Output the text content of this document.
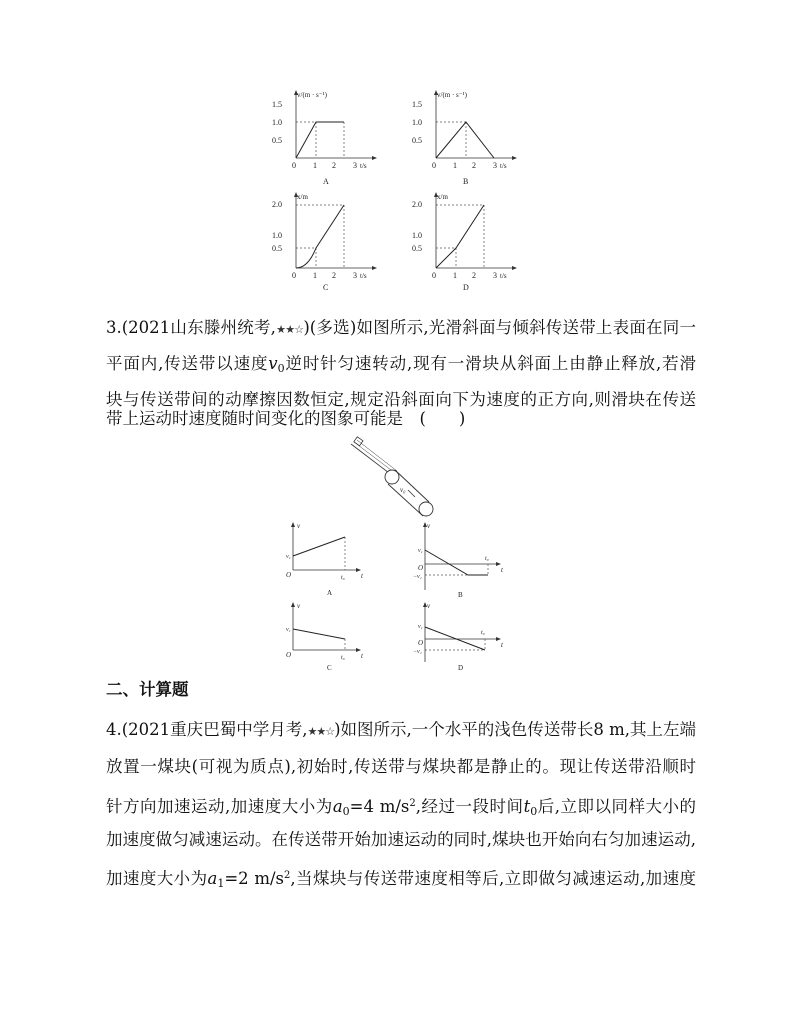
v/(m · s⁻¹)
1.5
1.0
0.5
0 1 2 3 t/s
A
v/(m · s⁻¹)
1.5
1.0
0.5
0 1 2 3 t/s
B
x/m
2.0
1.0
0.5
0 1 2 3 t/s
C
x/m
2.0
1.0
0.5
0 1 2 3 t/s
D
3.(2021山东滕州统考,★★☆)(多选)如图所示,光滑斜面与倾斜传送带上表面在同一
平面内,传送带以速度$v_0$逆时针匀速转动,现有一滑块从斜面上由静止释放,若滑
块与传送带间的动摩擦因数恒定,规定沿斜面向下为速度的正方向,则滑块在传送
带上运动时速度随时间变化的图象可能是　(　　)
v₀
v
t
v₁
O	t₀
A
v
t
v₁
O
−v₁
t₀
B
v
t
v₁
O	t₀
C
v
t
v₁
O
−v₁
t₀
D
二、计算题
4.(2021重庆巴蜀中学月考,★★☆)如图所示,一个水平的浅色传送带长8 m,其上左端
放置一煤块(可视为质点),初始时,传送带与煤块都是静止的。现让传送带沿顺时
针方向加速运动,加速度大小为$a_0=4$ $m/s^2$,经过一段时间$t_0$后,立即以同样大小的
加速度做匀减速运动。在传送带开始加速运动的同时,煤块也开始向右匀加速运动,
加速度大小为$a_1=2$ $m/s^2$,当煤块与传送带速度相等后,立即做匀减速运动,加速度
